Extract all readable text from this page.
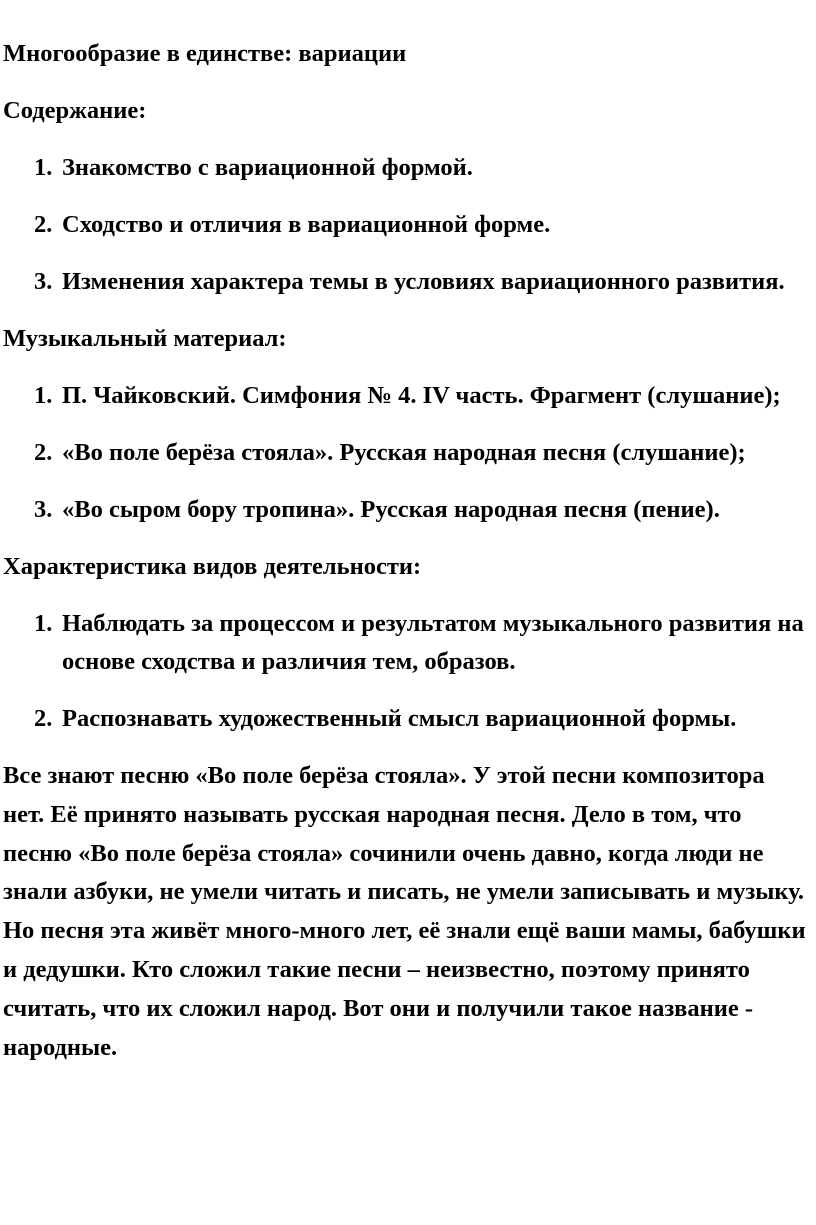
Многообразие в единстве: вариации

Содержание:

1. Знакомство с вариационной формой.
2. Сходство и отличия в вариационной форме.
3. Изменения характера темы в условиях вариационного развития.

Музыкальный материал:

1. П. Чайковский. Симфония № 4. IV часть. Фрагмент (слушание);
2. «Во поле берёза стояла». Русская народная песня (слушание);
3. «Во сыром бору тропина». Русская народная песня (пение).

Характеристика видов деятельности:

1. Наблюдать за процессом и результатом музыкального развития на основе сходства и различия тем, образов.
2. Распознавать художественный смысл вариационной формы.

Все знают песню «Во поле берёза стояла». У этой песни композитора нет. Её принято называть русская народная песня. Дело в том, что песню «Во поле берёза стояла» сочинили очень давно, когда люди не знали азбуки, не умели читать и писать, не умели записывать и музыку. Но песня эта живёт много-много лет, её знали ещё ваши мамы, бабушки и дедушки. Кто сложил такие песни – неизвестно, поэтому принято считать, что их сложил народ. Вот они и получили такое название - народные.
